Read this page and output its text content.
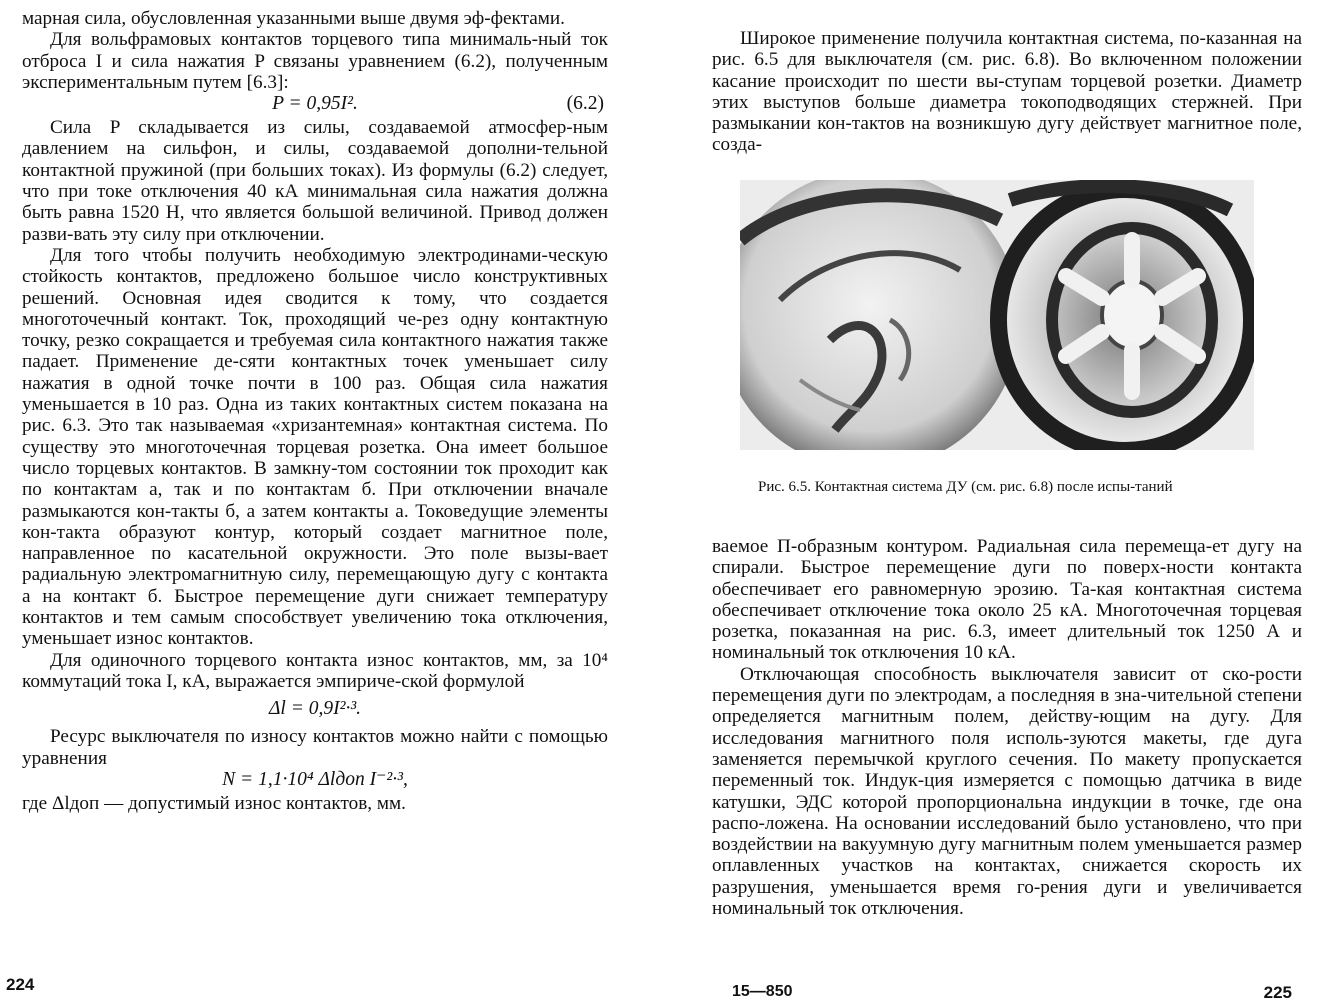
марная сила, обусловленная указанными выше двумя эф-фектами.

Для вольфрамовых контактов торцевого типа минималь-ный ток отброса I и сила нажатия P связаны уравнением (6.2), полученным экспериментальным путем [6.3]:

P = 0,95I².	(6.2)

Сила P складывается из силы, создаваемой атмосфер-ным давлением на сильфон, и силы, создаваемой дополни-тельной контактной пружиной (при больших токах). Из формулы (6.2) следует, что при токе отключения 40 кА минимальная сила нажатия должна быть равна 1520 Н, что является большой величиной. Привод должен разви-вать эту силу при отключении.

Для того чтобы получить необходимую электродинами-ческую стойкость контактов, предложено большое число конструктивных решений. Основная идея сводится к тому, что создается многоточечный контакт. Ток, проходящий че-рез одну контактную точку, резко сокращается и требуемая сила контактного нажатия также падает. Применение де-сяти контактных точек уменьшает силу нажатия в одной точке почти в 100 раз. Общая сила нажатия уменьшается в 10 раз. Одна из таких контактных систем показана на рис. 6.3. Это так называемая «хризантемная» контактная система. По существу это многоточечная торцевая розетка. Она имеет большое число торцевых контактов. В замкну-том состоянии ток проходит как по контактам а, так и по контактам б. При отключении вначале размыкаются кон-такты б, а затем контакты а. Токоведущие элементы кон-такта образуют контур, который создает магнитное поле, направленное по касательной окружности. Это поле вызы-вает радиальную электромагнитную силу, перемещающую дугу с контакта а на контакт б. Быстрое перемещение дуги снижает температуру контактов и тем самым способствует увеличению тока отключения, уменьшает износ контактов.

Для одиночного торцевого контакта износ контактов, мм, за 10⁴ коммутаций тока I, кА, выражается эмпириче-ской формулой

Δl = 0,9I²·³.

Ресурс выключателя по износу контактов можно найти с помощью уравнения

N = 1,1·10⁴ Δlдоп I⁻²·³,

где Δlдоп — допустимый износ контактов, мм.

224

Широкое применение получила контактная система, по-казанная на рис. 6.5 для выключателя (см. рис. 6.8). Во включенном положении касание происходит по шести вы-ступам торцевой розетки. Диаметр этих выступов больше диаметра токоподводящих стержней. При размыкании кон-тактов на возникшую дугу действует магнитное поле, созда-

Рис. 6.5. Контактная система ДУ (см. рис. 6.8) после испы-таний

ваемое П-образным контуром. Радиальная сила перемеща-ет дугу на спирали. Быстрое перемещение дуги по поверх-ности контакта обеспечивает его равномерную эрозию. Та-кая контактная система обеспечивает отключение тока около 25 кА. Многоточечная торцевая розетка, показанная на рис. 6.3, имеет длительный ток 1250 А и номинальный ток отключения 10 кА.

Отключающая способность выключателя зависит от ско-рости перемещения дуги по электродам, а последняя в зна-чительной степени определяется магнитным полем, действу-ющим на дугу. Для исследования магнитного поля исполь-зуются макеты, где дуга заменяется перемычкой круглого сечения. По макету пропускается переменный ток. Индук-ция измеряется с помощью датчика в виде катушки, ЭДС которой пропорциональна индукции в точке, где она распо-ложена. На основании исследований было установлено, что при воздействии на вакуумную дугу магнитным полем уменьшается размер оплавленных участков на контактах, снижается скорость их разрушения, уменьшается время го-рения дуги и увеличивается номинальный ток отключения.

15—850	225
